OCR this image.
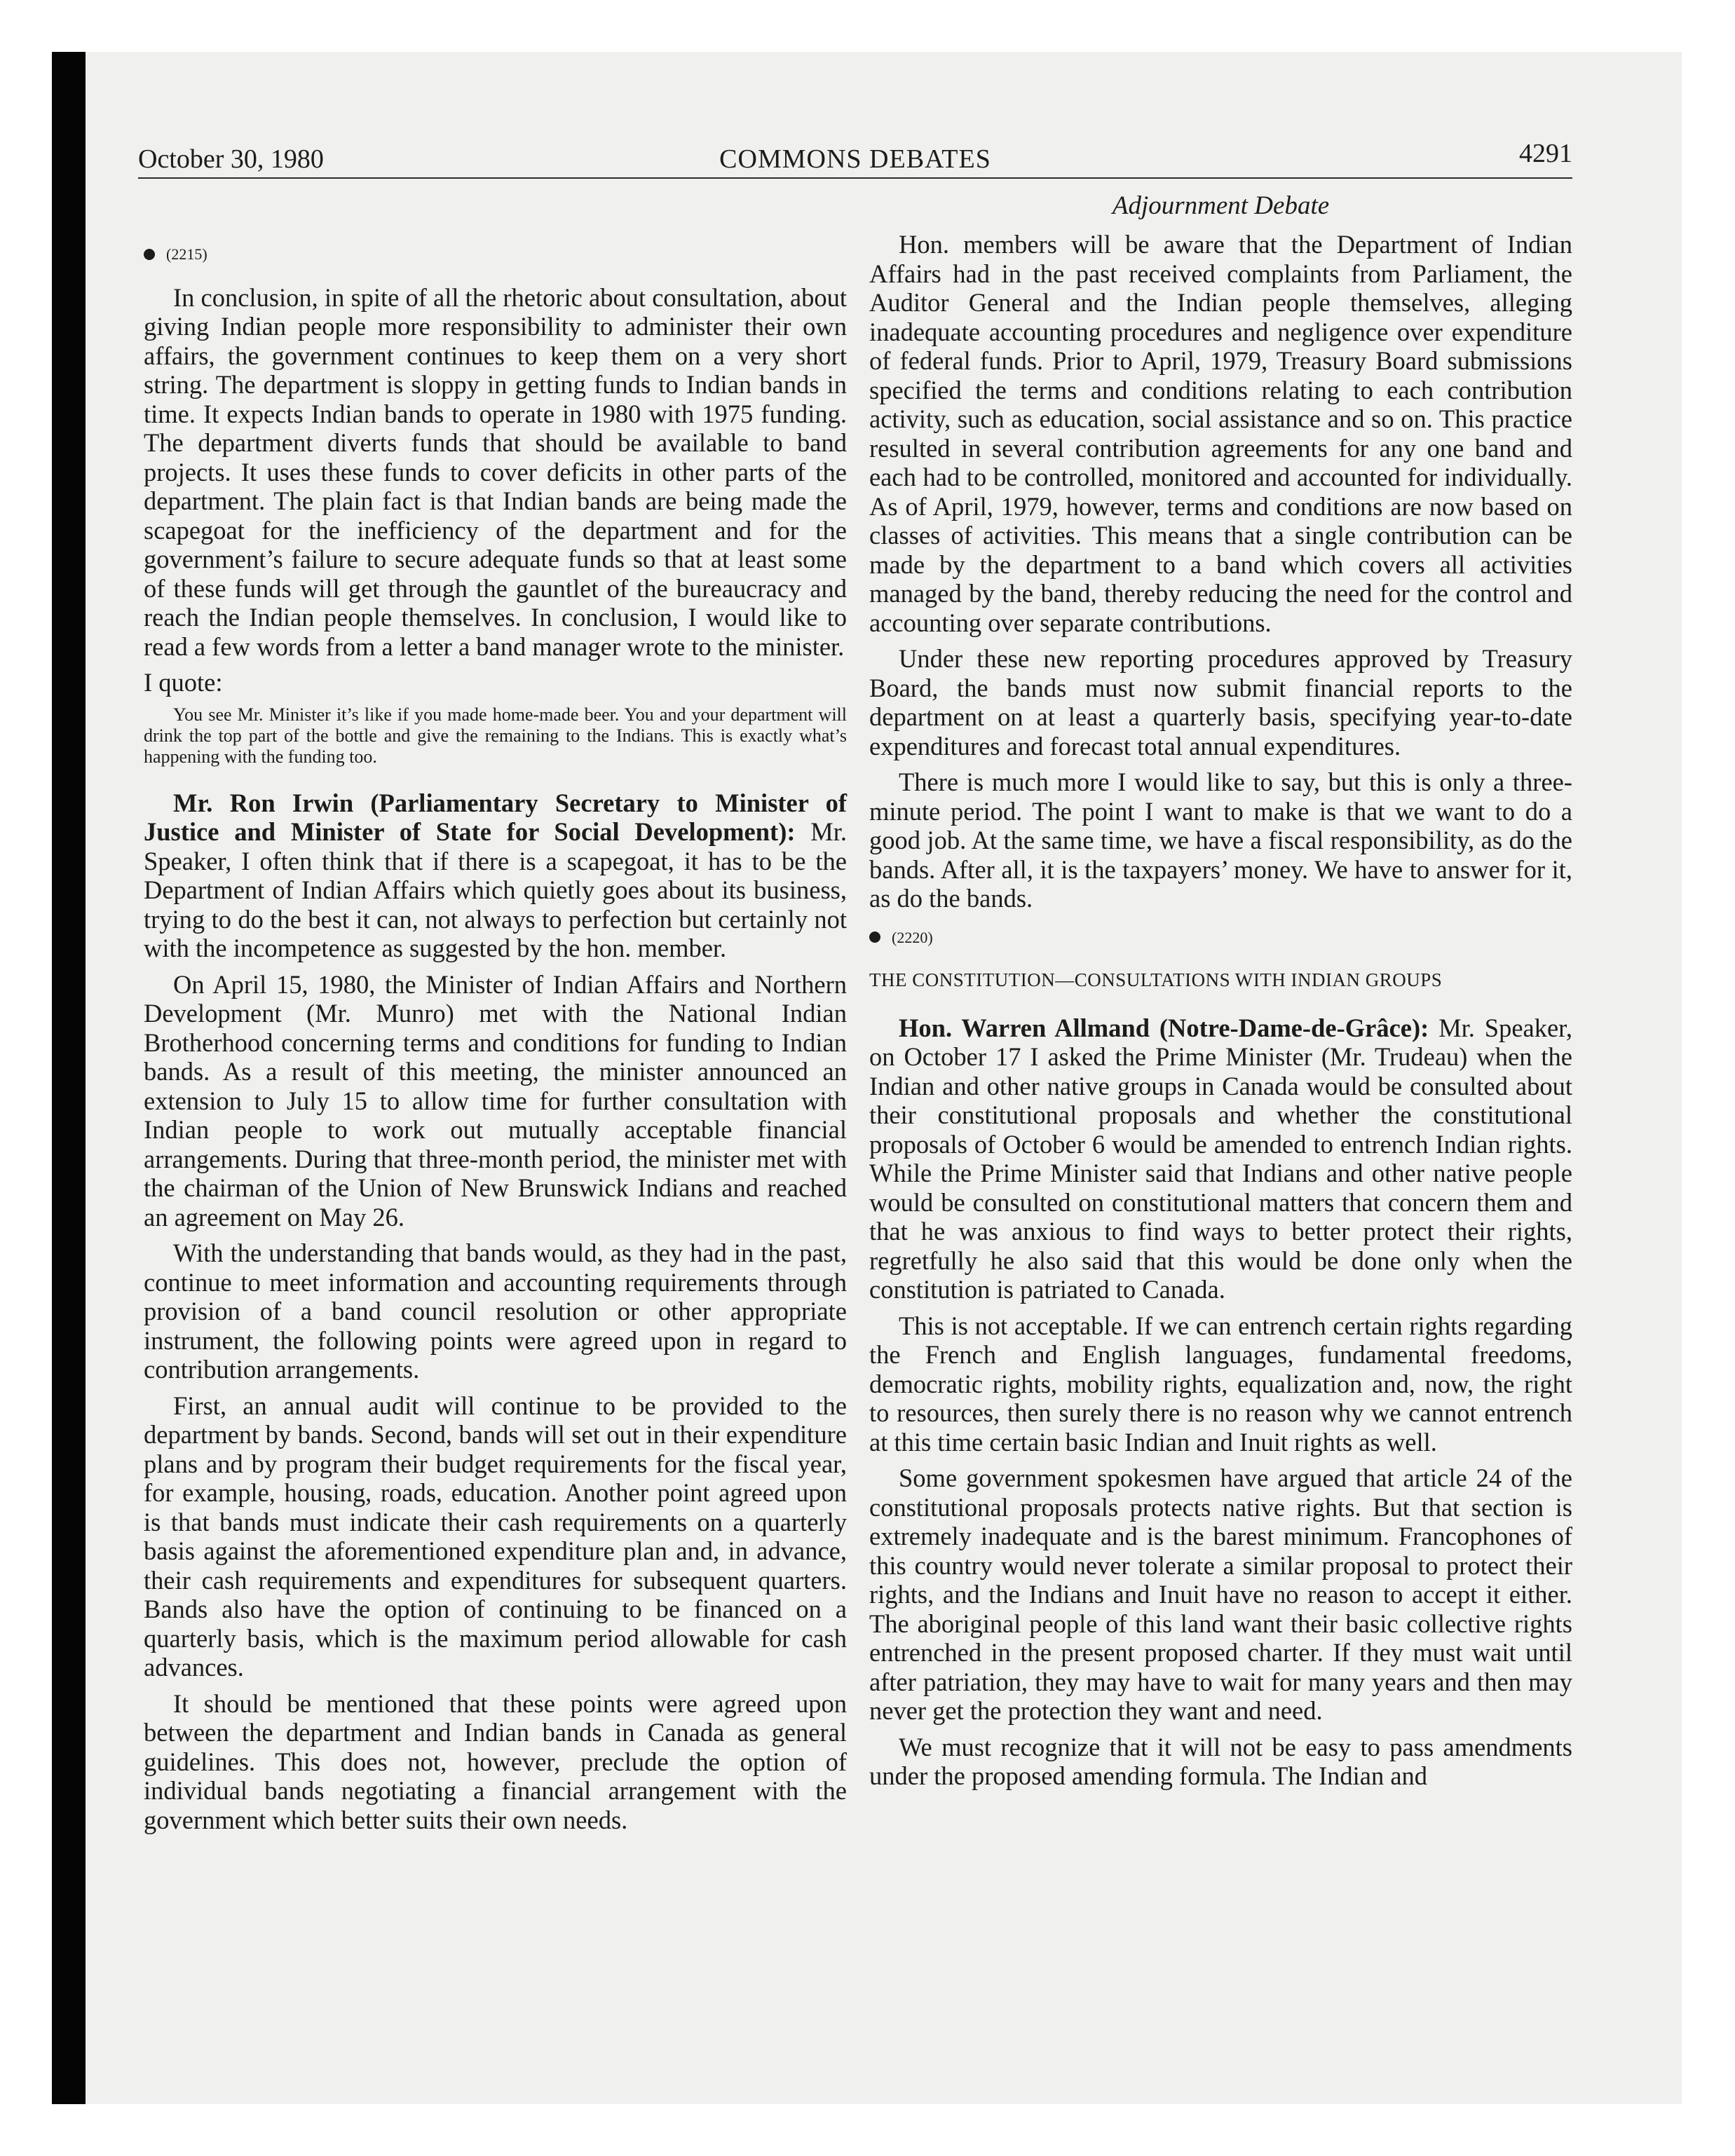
October 30, 1980	COMMONS DEBATES	4291
Adjournment Debate
(2215)

In conclusion, in spite of all the rhetoric about consultation, about giving Indian people more responsibility to administer their own affairs, the government continues to keep them on a very short string. The department is sloppy in getting funds to Indian bands in time. It expects Indian bands to operate in 1980 with 1975 funding. The department diverts funds that should be available to band projects. It uses these funds to cover deficits in other parts of the department. The plain fact is that Indian bands are being made the scapegoat for the inefficiency of the department and for the government’s failure to secure adequate funds so that at least some of these funds will get through the gauntlet of the bureaucracy and reach the Indian people themselves. In conclusion, I would like to read a few words from a letter a band manager wrote to the minister.

I quote:

You see Mr. Minister it’s like if you made home-made beer. You and your department will drink the top part of the bottle and give the remaining to the Indians. This is exactly what’s happening with the funding too.

Mr. Ron Irwin (Parliamentary Secretary to Minister of Justice and Minister of State for Social Development): Mr. Speaker, I often think that if there is a scapegoat, it has to be the Department of Indian Affairs which quietly goes about its business, trying to do the best it can, not always to perfection but certainly not with the incompetence as suggested by the hon. member.

On April 15, 1980, the Minister of Indian Affairs and Northern Development (Mr. Munro) met with the National Indian Brotherhood concerning terms and conditions for funding to Indian bands. As a result of this meeting, the minister announced an extension to July 15 to allow time for further consultation with Indian people to work out mutually acceptable financial arrangements. During that three-month period, the minister met with the chairman of the Union of New Brunswick Indians and reached an agreement on May 26.

With the understanding that bands would, as they had in the past, continue to meet information and accounting requirements through provision of a band council resolution or other appropriate instrument, the following points were agreed upon in regard to contribution arrangements.

First, an annual audit will continue to be provided to the department by bands. Second, bands will set out in their expenditure plans and by program their budget requirements for the fiscal year, for example, housing, roads, education. Another point agreed upon is that bands must indicate their cash requirements on a quarterly basis against the aforementioned expenditure plan and, in advance, their cash requirements and expenditures for subsequent quarters. Bands also have the option of continuing to be financed on a quarterly basis, which is the maximum period allowable for cash advances.

It should be mentioned that these points were agreed upon between the department and Indian bands in Canada as general guidelines. This does not, however, preclude the option of individual bands negotiating a financial arrangement with the government which better suits their own needs.

Hon. members will be aware that the Department of Indian Affairs had in the past received complaints from Parliament, the Auditor General and the Indian people themselves, alleging inadequate accounting procedures and negligence over expenditure of federal funds. Prior to April, 1979, Treasury Board submissions specified the terms and conditions relating to each contribution activity, such as education, social assistance and so on. This practice resulted in several contribution agreements for any one band and each had to be controlled, monitored and accounted for individually. As of April, 1979, however, terms and conditions are now based on classes of activities. This means that a single contribution can be made by the department to a band which covers all activities managed by the band, thereby reducing the need for the control and accounting over separate contributions.

Under these new reporting procedures approved by Treasury Board, the bands must now submit financial reports to the department on at least a quarterly basis, specifying year-to-date expenditures and forecast total annual expenditures.

There is much more I would like to say, but this is only a three-minute period. The point I want to make is that we want to do a good job. At the same time, we have a fiscal responsibility, as do the bands. After all, it is the taxpayers’ money. We have to answer for it, as do the bands.

(2220)
THE CONSTITUTION—CONSULTATIONS WITH INDIAN GROUPS

Hon. Warren Allmand (Notre-Dame-de-Grâce): Mr. Speaker, on October 17 I asked the Prime Minister (Mr. Trudeau) when the Indian and other native groups in Canada would be consulted about their constitutional proposals and whether the constitutional proposals of October 6 would be amended to entrench Indian rights. While the Prime Minister said that Indians and other native people would be consulted on constitutional matters that concern them and that he was anxious to find ways to better protect their rights, regretfully he also said that this would be done only when the constitution is patriated to Canada.

This is not acceptable. If we can entrench certain rights regarding the French and English languages, fundamental freedoms, democratic rights, mobility rights, equalization and, now, the right to resources, then surely there is no reason why we cannot entrench at this time certain basic Indian and Inuit rights as well.

Some government spokesmen have argued that article 24 of the constitutional proposals protects native rights. But that section is extremely inadequate and is the barest minimum. Francophones of this country would never tolerate a similar proposal to protect their rights, and the Indians and Inuit have no reason to accept it either. The aboriginal people of this land want their basic collective rights entrenched in the present proposed charter. If they must wait until after patriation, they may have to wait for many years and then may never get the protection they want and need.

We must recognize that it will not be easy to pass amendments under the proposed amending formula. The Indian and
